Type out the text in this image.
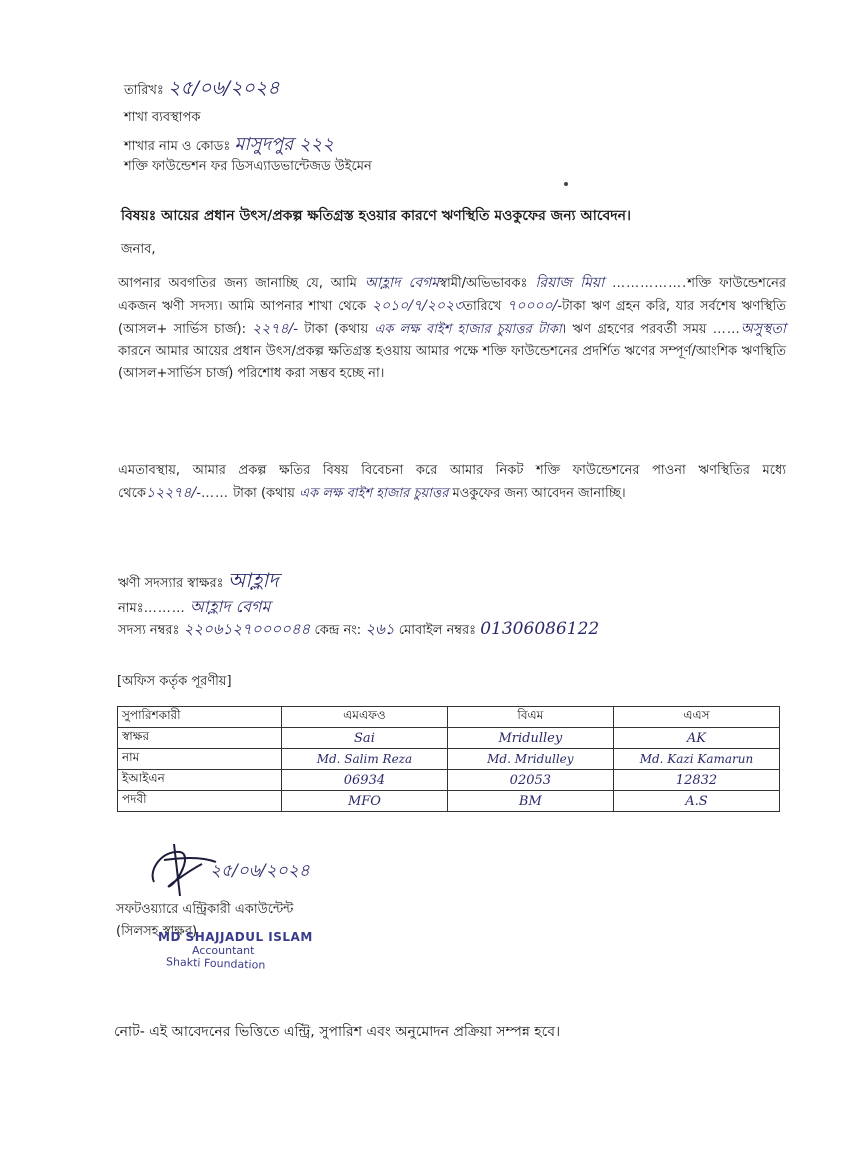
তারিখঃ ২৫/০৬/২০২৪
শাখা ব্যবস্থাপক
শাখার নাম ও কোডঃ মাসুদপুর ২২২
শক্তি ফাউন্ডেশন ফর ডিসএ্যাডভান্টেজড উইমেন
বিষয়ঃ আয়ের প্রধান উৎস/প্রকল্প ক্ষতিগ্রস্ত হওয়ার কারণে ঋণস্থিতি মওকুফের জন্য আবেদন।
জনাব,
আপনার অবগতির জন্য জানাচ্ছি যে, আমি আহ্লাদ বেগমস্বামী/অভিভাবকঃ রিয়াজ মিয়া …………….শক্তি ফাউন্ডেশনের একজন ঋণী সদস্য। আমি আপনার শাখা থেকে ২০১০/৭/২০২৩তারিখে ৭০০০০/-টাকা ঋণ গ্রহন করি, যার সর্বশেষ ঋণস্থিতি (আসল+ সার্ভিস চার্জ): ২২৭৪/- টাকা (কথায় এক লক্ষ বাইশ হাজার চুয়াত্তর টাকা। ঋণ গ্রহণের পরবর্তী সময় ……অসুস্থতা কারনে আমার আয়ের প্রধান উৎস/প্রকল্প ক্ষতিগ্রস্ত হওয়ায় আমার পক্ষে শক্তি ফাউন্ডেশনের প্রদর্শিত ঋণের সম্পূর্ণ/আংশিক ঋণস্থিতি (আসল+সার্ভিস চার্জ) পরিশোধ করা সম্ভব হচ্ছে না।
এমতাবস্থায়, আমার প্রকল্প ক্ষতির বিষয় বিবেচনা করে আমার নিকট শক্তি ফাউন্ডেশনের পাওনা ঋণস্থিতির মধ্যে থেকে১২২৭৪/-…… টাকা (কথায় এক লক্ষ বাইশ হাজার চুয়াত্তর মওকুফের জন্য আবেদন জানাচ্ছি।
ঋণী সদস্যার স্বাক্ষরঃ আহ্লাদ
নামঃ……… আহ্লাদ বেগম
সদস্য নম্বরঃ ২২০৬১২৭০০০০৪৪ কেন্দ্র নং: ২৬১ মোবাইল নম্বরঃ 01306086122
[অফিস কর্তৃক পূরণীয়]
সুপারিশকারী	এমএফও	বিএম	এএস
স্বাক্ষর	Sai	Mridulley	AK
নাম	Md. Salim Reza	Md. Mridulley	Md. Kazi Kamarun
ইআইএন	06934	02053	12832
পদবী	MFO	BM	A.S
২৫/০৬/২০২৪
সফটওয়্যারে এন্ট্রিকারী একাউন্টেন্ট
(সিলসহ স্বাক্ষর)
MD SHAJJADUL ISLAM
Accountant
Shakti Foundation
নোট- এই আবেদনের ভিত্তিতে এন্ট্রি, সুপারিশ এবং অনুমোদন প্রক্রিয়া সম্পন্ন হবে।
